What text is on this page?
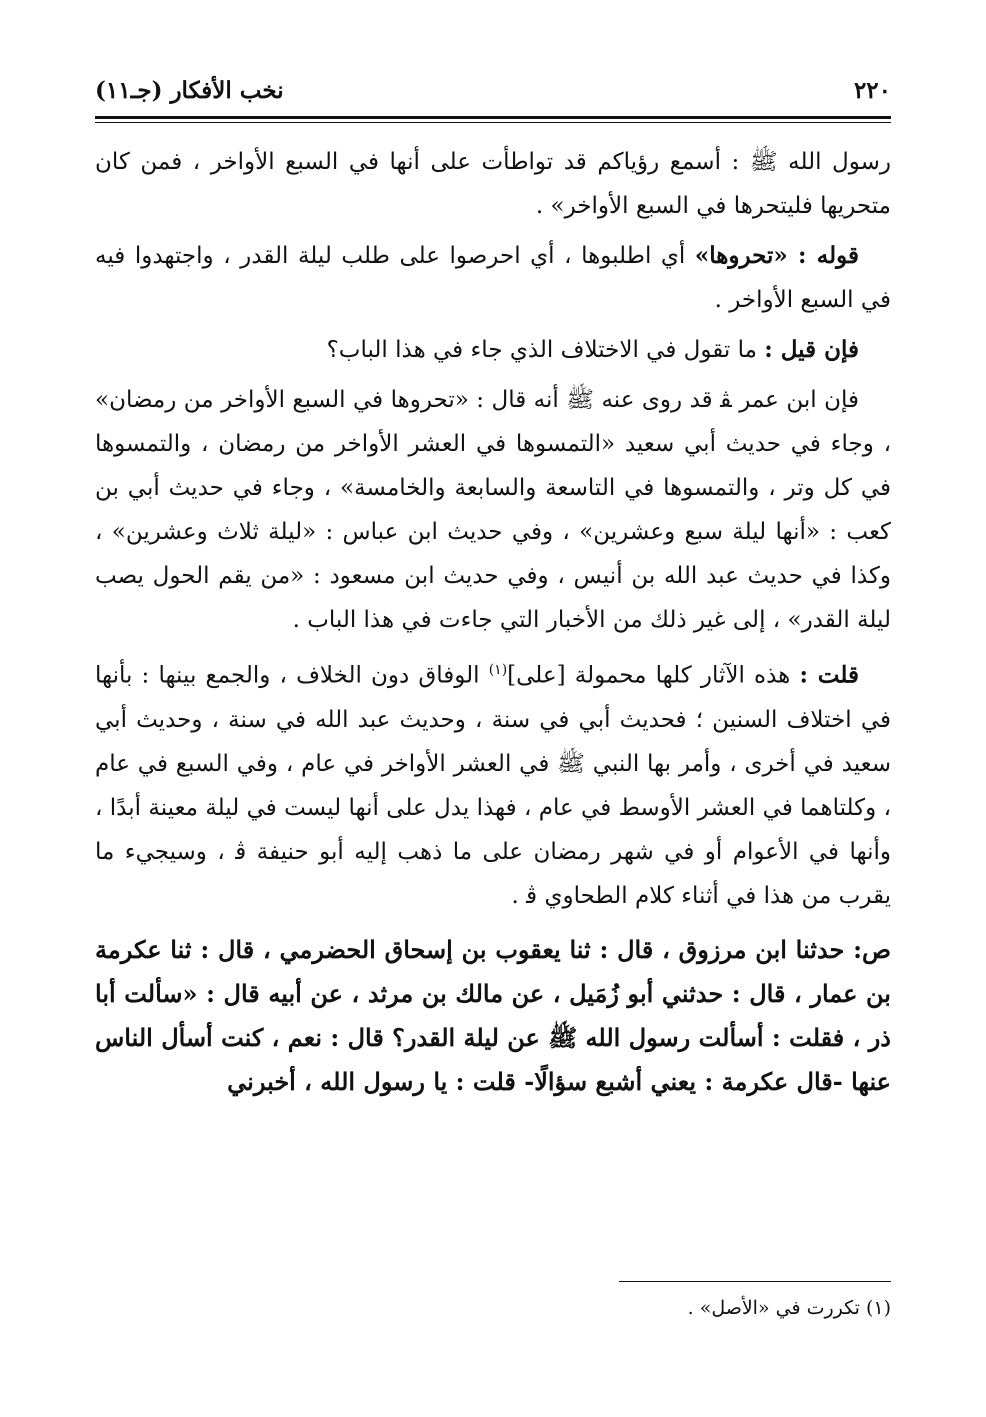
٢٢٠
نخب الأفكار (جـ١١)

رسول الله ﷺ : أسمع رؤياكم قد تواطأت على أنها في السبع الأواخر ، فمن كان متحريها فليتحرها في السبع الأواخر» .

قوله : «تحروها» أي اطلبوها ، أي احرصوا على طلب ليلة القدر ، واجتهدوا فيه في السبع الأواخر .

فإن قيل : ما تقول في الاختلاف الذي جاء في هذا الباب؟

فإن ابن عمر ﭭ قد روى عنه ﷺ أنه قال : «تحروها في السبع الأواخر من رمضان» ، وجاء في حديث أبي سعيد «التمسوها في العشر الأواخر من رمضان ، والتمسوها في كل وتر ، والتمسوها في التاسعة والسابعة والخامسة» ، وجاء في حديث أبي بن كعب : «أنها ليلة سبع وعشرين» ، وفي حديث ابن عباس : «ليلة ثلاث وعشرين» ، وكذا في حديث عبد الله بن أنيس ، وفي حديث ابن مسعود : «من يقم الحول يصب ليلة القدر» ، إلى غير ذلك من الأخبار التي جاءت في هذا الباب .

قلت : هذه الآثار كلها محمولة [على]$^{(١)}$ الوفاق دون الخلاف ، والجمع بينها : بأنها في اختلاف السنين ؛ فحديث أبي في سنة ، وحديث عبد الله في سنة ، وحديث أبي سعيد في أخرى ، وأمر بها النبي ﷺ في العشر الأواخر في عام ، وفي السبع في عام ، وكلتاهما في العشر الأوسط في عام ، فهذا يدل على أنها ليست في ليلة معينة أبدًا ، وأنها في الأعوام أو في شهر رمضان على ما ذهب إليه أبو حنيفة ﭬ ، وسيجيء ما يقرب من هذا في أثناء كلام الطحاوي ﭬ .

ص: حدثنا ابن مرزوق ، قال : ثنا يعقوب بن إسحاق الحضرمي ، قال : ثنا عكرمة بن عمار ، قال : حدثني أبو زُمَيل ، عن مالك بن مرثد ، عن أبيه قال : «سألت أبا ذر ، فقلت : أسألت رسول الله ﷺ عن ليلة القدر؟ قال : نعم ، كنت أسأل الناس عنها -قال عكرمة : يعني أشبع سؤالًا- قلت : يا رسول الله ، أخبرني

(١) تكررت في «الأصل» .
